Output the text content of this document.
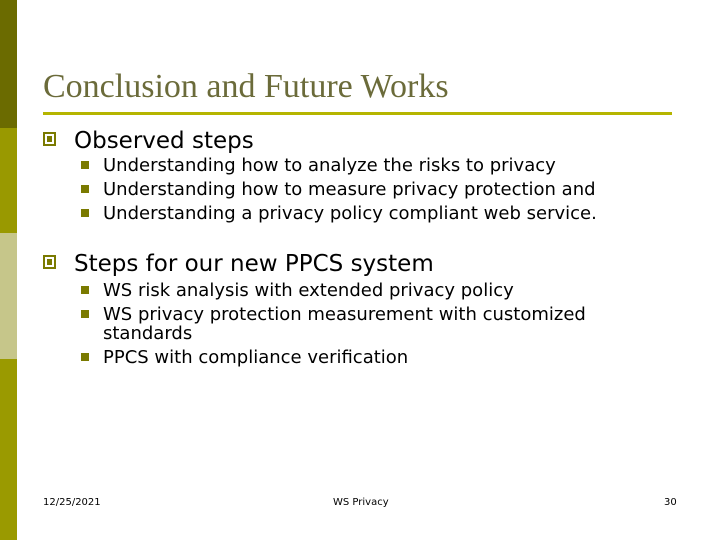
Conclusion and Future Works
Observed steps
Understanding how to analyze the risks to privacy
Understanding how to measure privacy protection and
Understanding a privacy policy compliant web service.
Steps for our new PPCS system
WS risk analysis with extended privacy policy
WS privacy protection measurement with customized
standards
PPCS with compliance verification
12/25/2021	WS Privacy	30
